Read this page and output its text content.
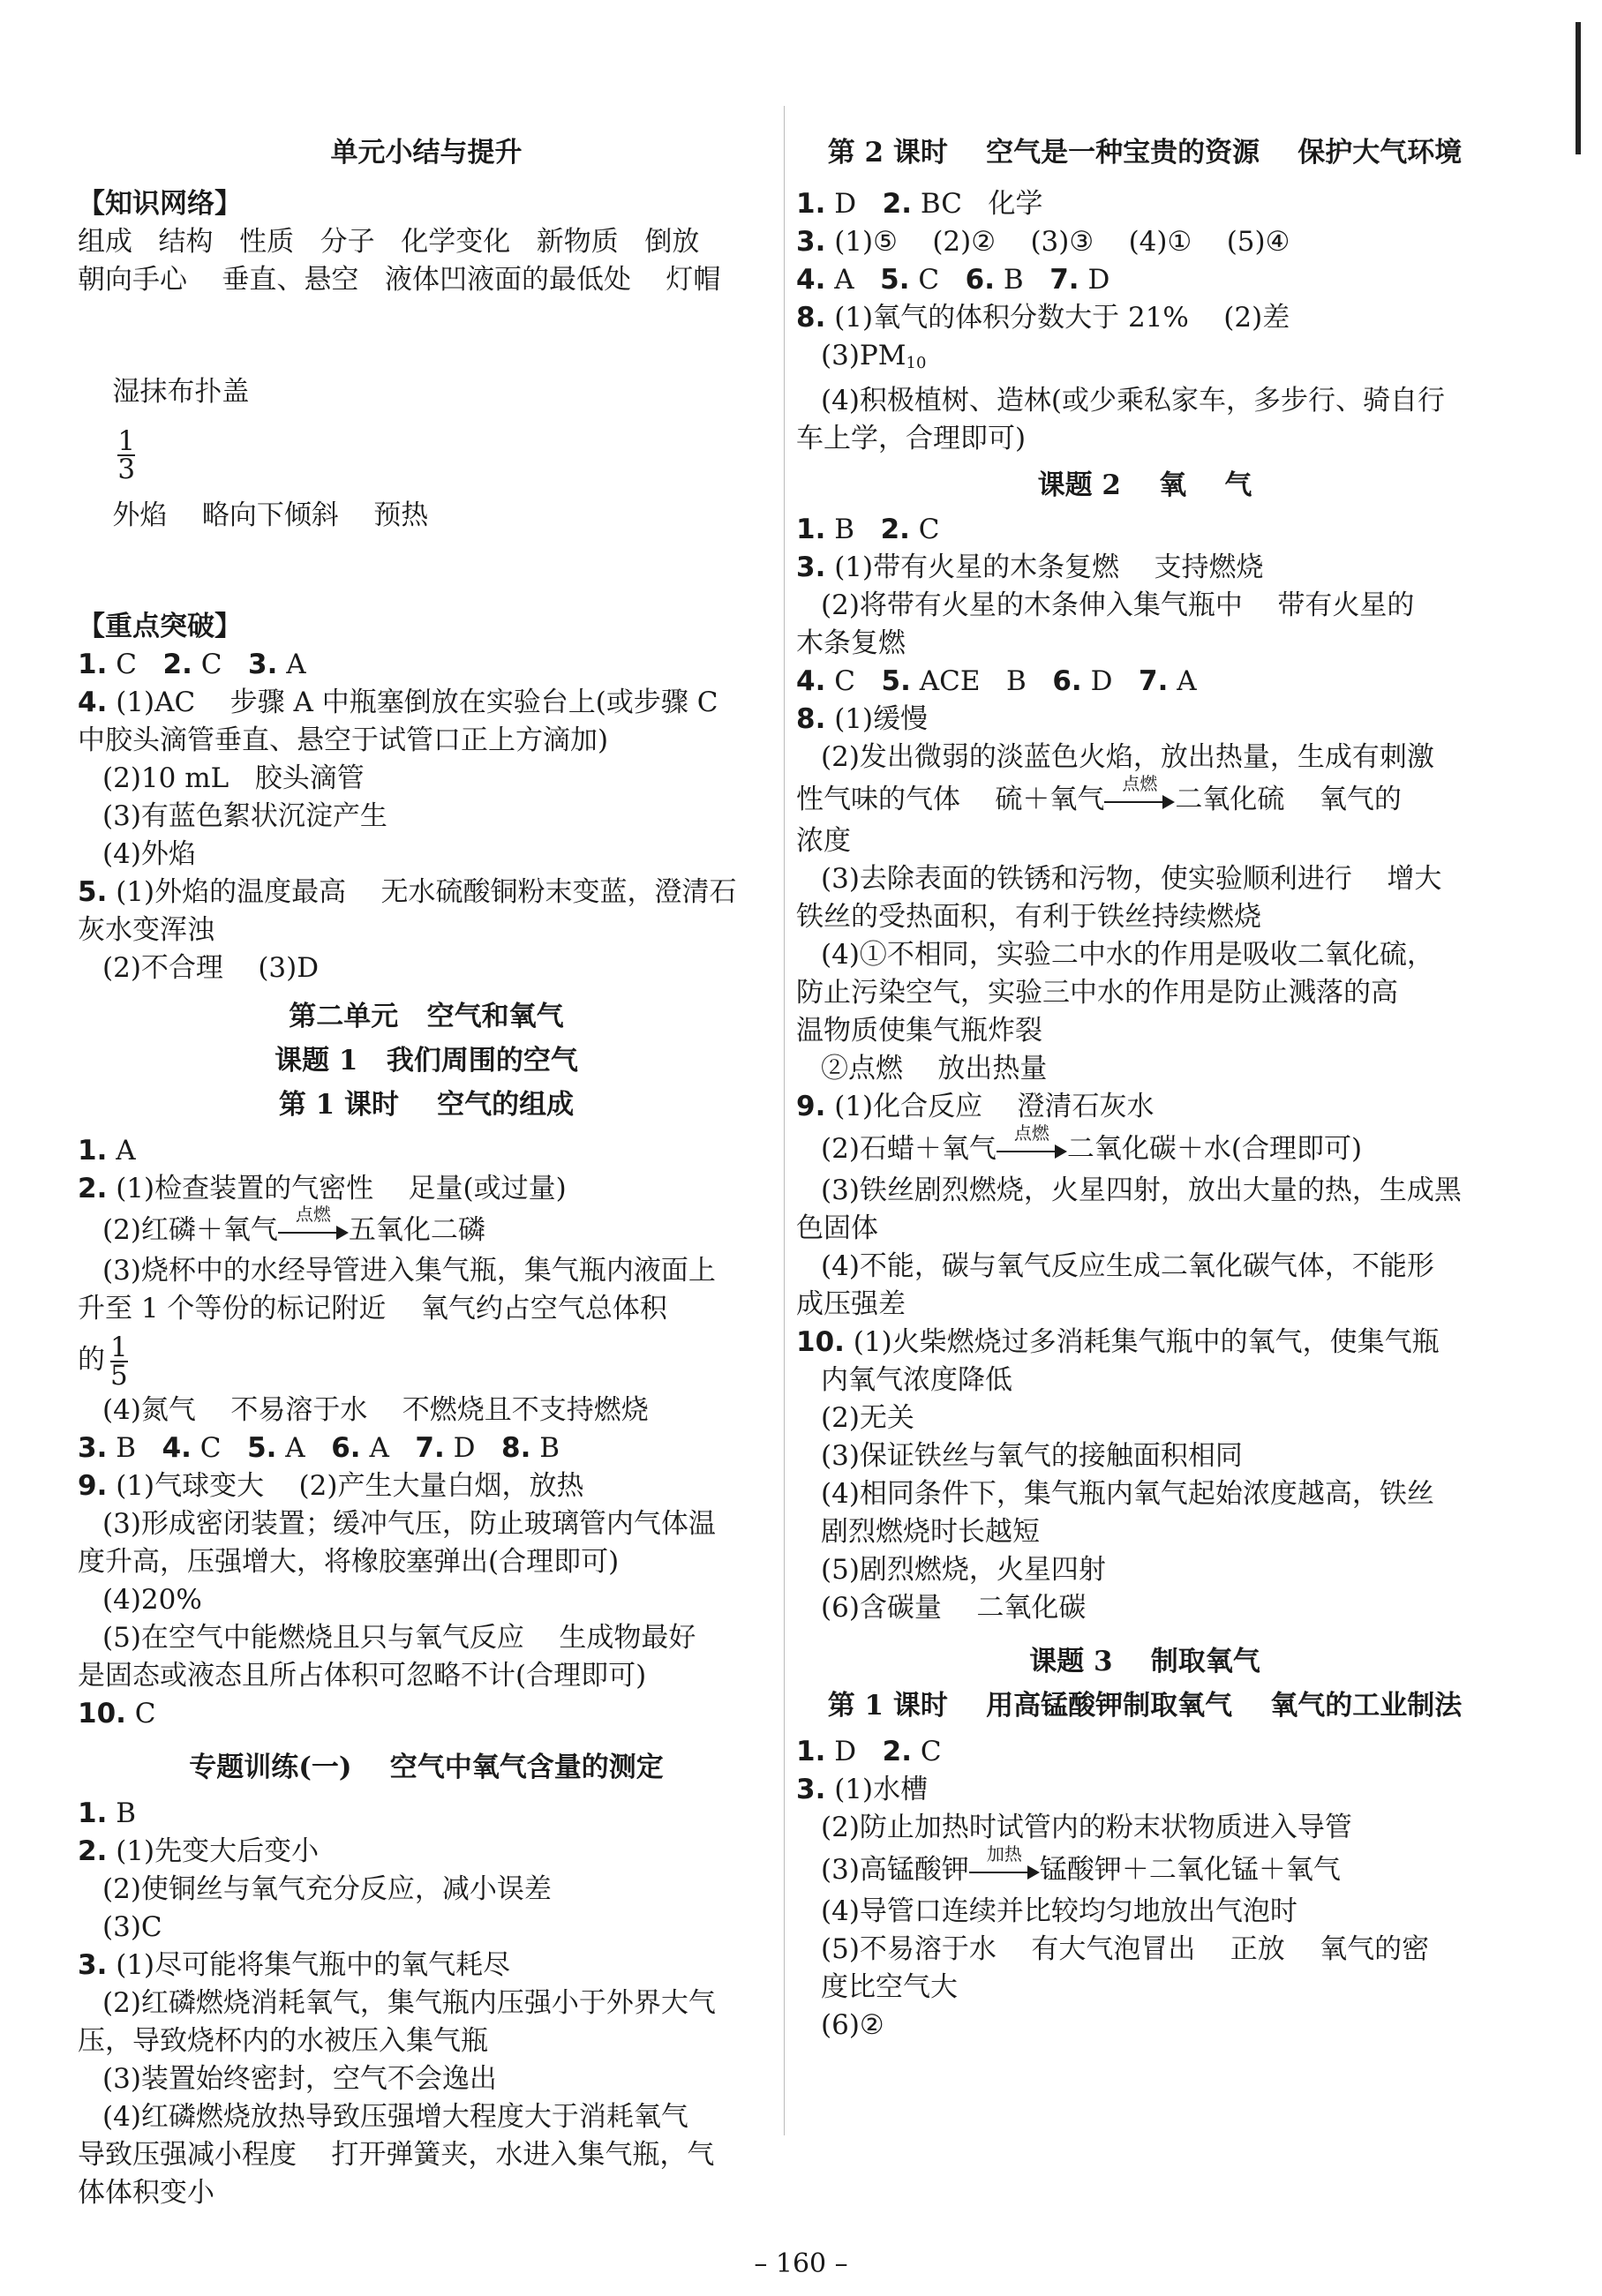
单元小结与提升
【知识网络】
组成   结构   性质   分子   化学变化   新物质   倒放
朝向手心    垂直、悬空   液体凹液面的最低处    灯帽

湿抹布扑盖

$\frac{1}{3}$

外焰    略向下倾斜    预热

【重点突破】
1. C   2. C   3. A
4. (1)AC    步骤 A 中瓶塞倒放在实验台上(或步骤 C
中胶头滴管垂直、悬空于试管口正上方滴加)
(2)10 mL   胶头滴管
(3)有蓝色絮状沉淀产生
(4)外焰
5. (1)外焰的温度最高    无水硫酸铜粉末变蓝，澄清石
灰水变浑浊
(2)不合理    (3)D
第二单元   空气和氧气
课题 1   我们周围的空气
第 1 课时    空气的组成
1. A
2. (1)检查装置的气密性    足量(或过量)
(2)红磷＋氧气
点燃
五氧化二磷
(3)烧杯中的水经导管进入集气瓶，集气瓶内液面上
升至 1 个等份的标记附近    氧气约占空气总体积
的 $\frac{1}{5}$
(4)氮气    不易溶于水    不燃烧且不支持燃烧
3. B   4. C   5. A   6. A   7. D   8. B
9. (1)气球变大    (2)产生大量白烟，放热
(3)形成密闭装置；缓冲气压，防止玻璃管内气体温
度升高，压强增大，将橡胶塞弹出(合理即可)
(4)20%
(5)在空气中能燃烧且只与氧气反应    生成物最好
是固态或液态且所占体积可忽略不计(合理即可)
10. C
专题训练(一)    空气中氧气含量的测定
1. B
2. (1)先变大后变小
(2)使铜丝与氧气充分反应，减小误差
(3)C
3. (1)尽可能将集气瓶中的氧气耗尽
(2)红磷燃烧消耗氧气，集气瓶内压强小于外界大气
压，导致烧杯内的水被压入集气瓶
(3)装置始终密封，空气不会逸出
(4)红磷燃烧放热导致压强增大程度大于消耗氧气
导致压强减小程度    打开弹簧夹，水进入集气瓶，气
体体积变小
第 2 课时    空气是一种宝贵的资源    保护大气环境
1. D   2. BC   化学
3. (1)⑤    (2)②    (3)③    (4)①    (5)④
4. A   5. C   6. B   7. D
8. (1)氧气的体积分数大于 21%    (2)差
$(3)PM_{10}$
(4)积极植树、造林(或少乘私家车，多步行、骑自行
车上学，合理即可)
课题 2    氧    气
1. B   2. C
3. (1)带有火星的木条复燃    支持燃烧
(2)将带有火星的木条伸入集气瓶中    带有火星的
木条复燃
4. C   5. ACE   B   6. D   7. A
8. (1)缓慢
(2)发出微弱的淡蓝色火焰，放出热量，生成有刺激
性气味的气体    硫＋氧气
点燃
二氧化硫    氧气的
浓度
(3)去除表面的铁锈和污物，使实验顺利进行    增大
铁丝的受热面积，有利于铁丝持续燃烧
(4)①不相同，实验二中水的作用是吸收二氧化硫，
防止污染空气，实验三中水的作用是防止溅落的高
温物质使集气瓶炸裂
②点燃    放出热量
9. (1)化合反应    澄清石灰水
(2)石蜡＋氧气
点燃
二氧化碳＋水(合理即可)
(3)铁丝剧烈燃烧，火星四射，放出大量的热，生成黑
色固体
(4)不能，碳与氧气反应生成二氧化碳气体，不能形
成压强差
10. (1)火柴燃烧过多消耗集气瓶中的氧气，使集气瓶
内氧气浓度降低
(2)无关
(3)保证铁丝与氧气的接触面积相同
(4)相同条件下，集气瓶内氧气起始浓度越高，铁丝
剧烈燃烧时长越短
(5)剧烈燃烧，火星四射
(6)含碳量    二氧化碳
课题 3    制取氧气
第 1 课时    用高锰酸钾制取氧气    氧气的工业制法
1. D   2. C
3. (1)水槽
(2)防止加热时试管内的粉末状物质进入导管
(3)高锰酸钾
加热
锰酸钾＋二氧化锰＋氧气
(4)导管口连续并比较均匀地放出气泡时
(5)不易溶于水    有大气泡冒出    正放    氧气的密
度比空气大
(6)②
– 160 –
